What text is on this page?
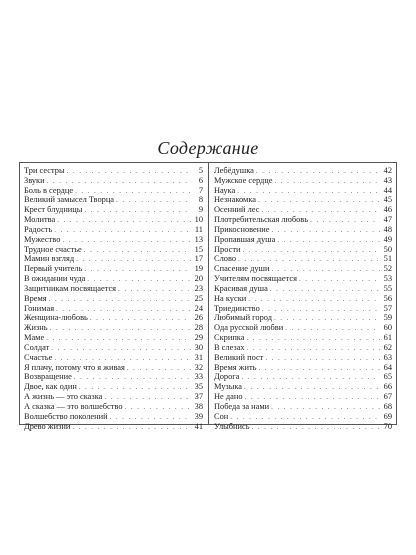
Содержание
Три сестры . . .	5
Звуки . . .	6
Боль в сердце . . .	7
Великий замысел Творца . . .	8
Крест блудницы . . .	9
Молитва . . .	10
Радость . . .	11
Мужество . . .	13
Трудное счастье . . .	15
Мамин взгляд . . .	17
Первый учитель . . .	19
В ожидании чуда . . .	20
Защитникам посвящается . . .	23
Время . . .	25
Гонимая . . .	24
Женщина-любовь . . .	26
Жизнь . . .	28
Маме . . .	29
Солдат . . .	30
Счастье . . .	31
Я плачу, потому что я живая . . .	32
Возвращение . . .	33
Двое, как один . . .	35
А жизнь — это сказка . . .	37
А сказка — это волшебство . . .	38
Волшебство поколений . . .	39
Древо жизни . . .	41
Лебёдушка . . .	42
Мужское сердце . . .	43
Наука . . .	44
Незнакомка . . .	45
Осенний лес . . .	46
Плотребительская любовь . . .	47
Прикосновение . . .	48
Пропавшая душа . . .	49
Прости . . .	50
Слово . . .	51
Спасение души . . .	52
Учителям посвящается . . .	53
Красивая душа . . .	55
На куски . . .	56
Триединство . . .	57
Любимый город . . .	59
Ода русской любви . . .	60
Скрипка . . .	61
В слезах . . .	62
Великий пост . . .	63
Время жить . . .	64
Дорога . . .	65
Музыка . . .	66
Не дано . . .	67
Победа за нами . . .	68
Сон . . .	69
Улыбнись . . .	70
